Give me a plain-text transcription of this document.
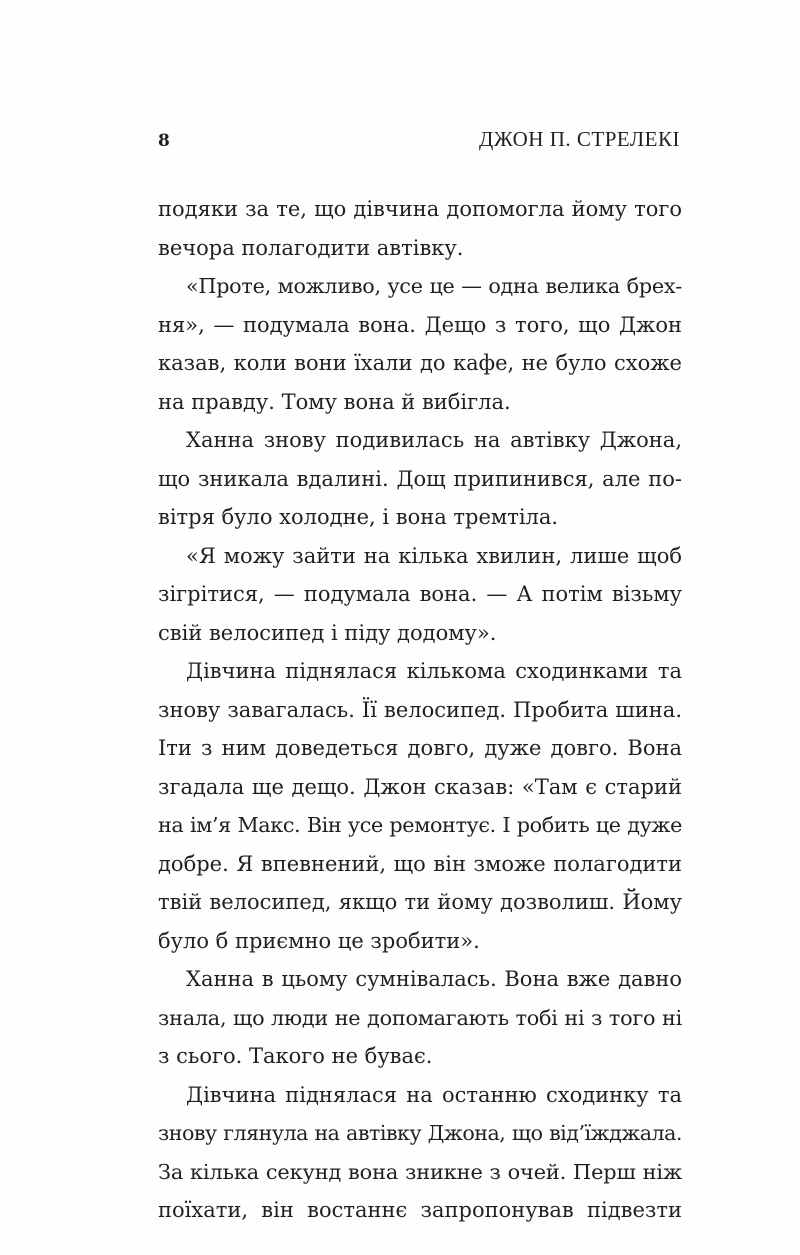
8	ДЖОН П. СТРЕЛЕКІ
подяки за те, що дівчина допомогла йому того
вечора полагодити автівку.
«Проте, можливо, усе це — одна велика брех-
ня», — подумала вона. Дещо з того, що Джон
казав, коли вони їхали до кафе, не було схоже
на правду. Тому вона й вибігла.
Ханна знову подивилась на автівку Джона,
що зникала вдалині. Дощ припинився, але по-
вітря було холодне, і вона тремтіла.
«Я можу зайти на кілька хвилин, лише щоб
зігрітися, — подумала вона. — А потім візьму
свій велосипед і піду додому».
Дівчина піднялася кількома сходинками та
знову завагалась. Її велосипед. Пробита шина.
Іти з ним доведеться довго, дуже довго. Вона
згадала ще дещо. Джон сказав: «Там є старий
на ім’я Макс. Він усе ремонтує. І робить це дуже
добре. Я впевнений, що він зможе полагодити
твій велосипед, якщо ти йому дозволиш. Йому
було б приємно це зробити».
Ханна в цьому сумнівалась. Вона вже давно
знала, що люди не допомагають тобі ні з того ні
з сього. Такого не буває.
Дівчина піднялася на останню сходинку та
знову глянула на автівку Джона, що від’їжджала.
За кілька секунд вона зникне з очей. Перш ніж
поїхати, він востаннє запропонував підвезти
